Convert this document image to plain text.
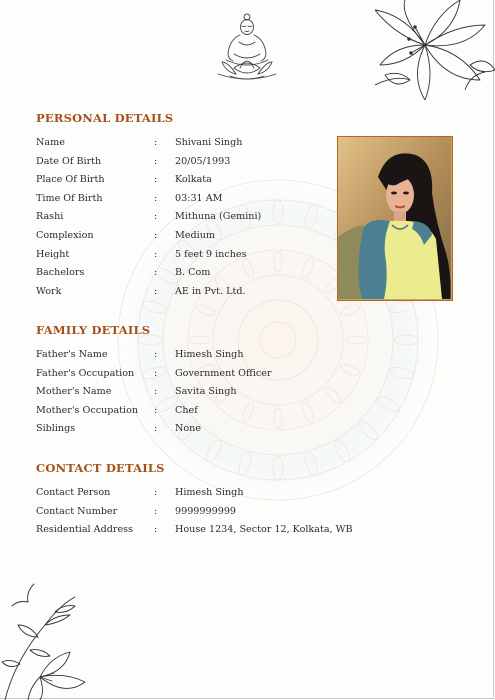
PERSONAL DETAILS
Name	:	Shivani Singh
Date Of Birth	:	20/05/1993
Place Of Birth	:	Kolkata
Time Of Birth	:	03:31 AM
Rashi	:	Mithuna (Gemini)
Complexion	:	Medium
Height	:	5 feet 9 inches
Bachelors	:	B. Com
Work	:	AE in Pvt. Ltd.
FAMILY DETAILS
Father's Name	:	Himesh Singh
Father's Occupation	:	Government Officer
Mother's Name	:	Savita Singh
Mother's Occupation	:	Chef
Siblings	:	None
CONTACT DETAILS
Contact Person	:	Himesh Singh
Contact Number	:	9999999999
Residential Address	:	House 1234, Sector 12, Kolkata, WB
